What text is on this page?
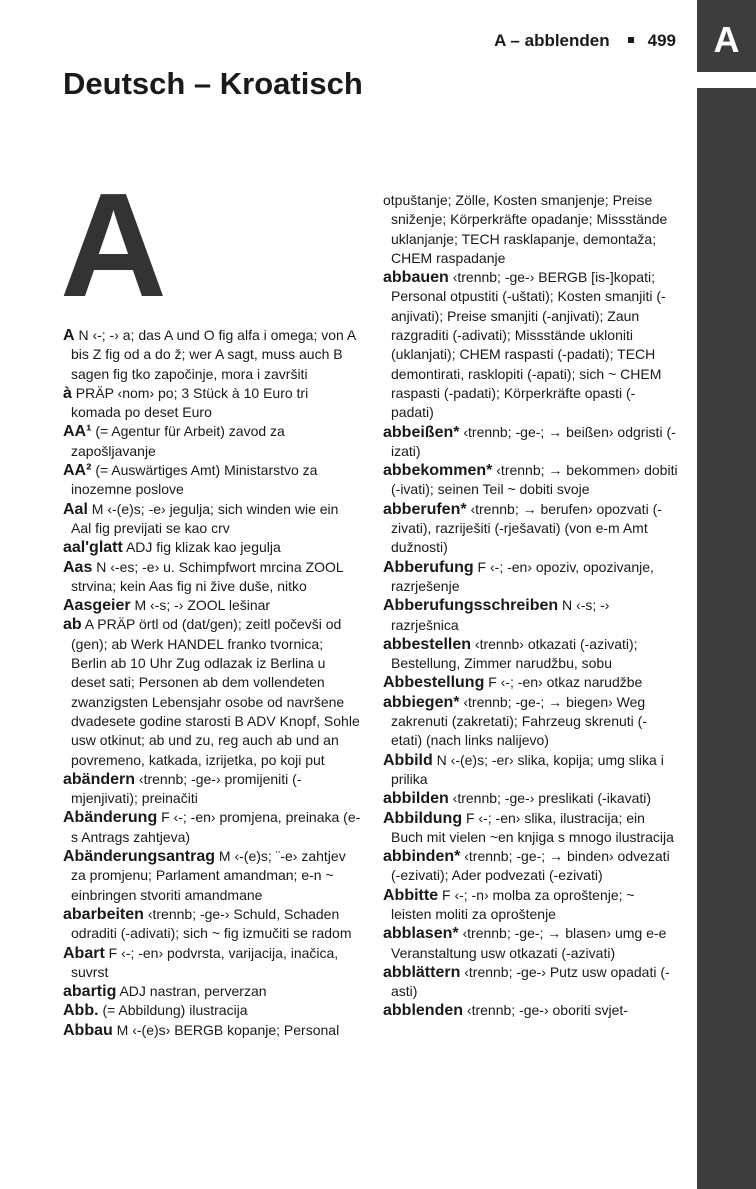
A
A – abblenden 499
Deutsch – Kroatisch
A

A N ‹-; -› a; das A und O fig alfa i omega; von A bis Z fig od a do ž; wer A sagt, muss auch B sagen fig tko započinje, mora i završiti

à PRÄP ‹nom› po; 3 Stück à 10 Euro tri komada po deset Euro

AA¹ (= Agentur für Arbeit) zavod za zapošljavanje

AA² (= Auswärtiges Amt) Ministarstvo za inozemne poslove

Aal M ‹-(e)s; -e› jegulja; sich winden wie ein Aal fig previjati se kao crv

aal'glatt ADJ fig klizak kao jegulja

Aas N ‹-es; -e› u. Schimpfwort mrcina ZOOL strvina; kein Aas fig ni žive duše, nitko

Aasgeier M ‹-s; -› ZOOL lešinar

ab A PRÄP örtl od (dat/gen); zeitl počevši od (gen); ab Werk HANDEL franko tvornica; Berlin ab 10 Uhr Zug odlazak iz Berlina u deset sati; Personen ab dem vollendeten zwanzigsten Lebensjahr osobe od navršene dvadesete godine starosti B ADV Knopf, Sohle usw otkinut; ab und zu, reg auch ab und an povremeno, katkada, izrijetka, po koji put

abändern ‹trennb; -ge-› promijeniti (-mjenjivati); preinačiti

Abänderung F ‹-; -en› promjena, preinaka (e-s Antrags zahtjeva)

Abänderungsantrag M ‹-(e)s; ¨-e› zahtjev za promjenu; Parlament amandman; e-n ~ einbringen stvoriti amandmane

abarbeiten ‹trennb; -ge-› Schuld, Schaden odraditi (-adivati); sich ~ fig izmučiti se radom

Abart F ‹-; -en› podvrsta, varijacija, inačica, suvrst

abartig ADJ nastran, perverzan

Abb. (= Abbildung) ilustracija

Abbau M ‹-(e)s› BERGB kopanje; Personal

otpuštanje; Zölle, Kosten smanjenje; Preise sniženje; Körperkräfte opadanje; Missstände uklanjanje; TECH rasklapanje, demontaža; CHEM raspadanje

abbauen ‹trennb; -ge-› BERGB [is-]kopati; Personal otpustiti (-uštati); Kosten smanjiti (-anjivati); Preise smanjiti (-anjivati); Zaun razgraditi (-adivati); Missstände ukloniti (uklanjati); CHEM raspasti (-padati); TECH demontirati, rasklopiti (-apati); sich ~ CHEM raspasti (-padati); Körperkräfte opasti (-padati)

abbeißen* ‹trennb; -ge-; → beißen› odgristi (-izati)

abbekommen* ‹trennb; → bekommen› dobiti (-ivati); seinen Teil ~ dobiti svoje

abberufen* ‹trennb; → berufen› opozvati (-zivati), razriješiti (-rješavati) (von e-m Amt dužnosti)

Abberufung F ‹-; -en› opoziv, opozivanje, razrješenje

Abberufungsschreiben N ‹-s; -› razrješnica

abbestellen ‹trennb› otkazati (-azivati); Bestellung, Zimmer narudžbu, sobu

Abbestellung F ‹-; -en› otkaz narudžbe

abbiegen* ‹trennb; -ge-; → biegen› Weg zakrenuti (zakretati); Fahrzeug skrenuti (-etati) (nach links nalijevo)

Abbild N ‹-(e)s; -er› slika, kopija; umg slika i prilika

abbilden ‹trennb; -ge-› preslikati (-ikavati)

Abbildung F ‹-; -en› slika, ilustracija; ein Buch mit vielen ~en knjiga s mnogo ilustracija

abbinden* ‹trennb; -ge-; → binden› odvezati (-ezivati); Ader podvezati (-ezivati)

Abbitte F ‹-; -n› molba za oproštenje; ~ leisten moliti za oproštenje

abblasen* ‹trennb; -ge-; → blasen› umg e-e Veranstaltung usw otkazati (-azivati)

abblättern ‹trennb; -ge-› Putz usw opadati (-asti)

abblenden ‹trennb; -ge-› oboriti svjet-
